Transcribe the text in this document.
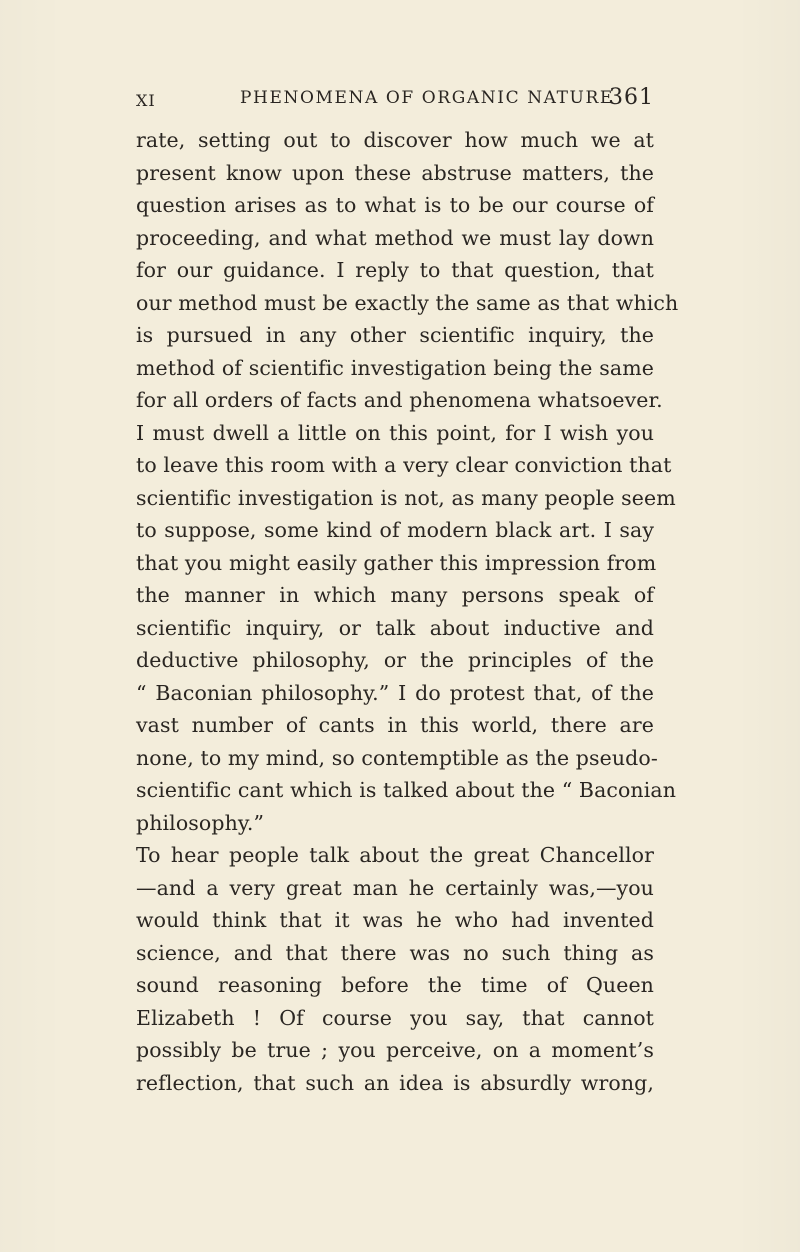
XI	PHENOMENA OF ORGANIC NATURE
361
rate, setting out to discover how much we at
present know upon these abstruse matters, the
question arises as to what is to be our course of
proceeding, and what method we must lay down
for our guidance. I reply to that question, that
our method must be exactly the same as that which
is pursued in any other scientific inquiry, the
method of scientific investigation being the same
for all orders of facts and phenomena whatsoever.
I must dwell a little on this point, for I wish you
to leave this room with a very clear conviction that
scientific investigation is not, as many people seem
to suppose, some kind of modern black art. I say
that you might easily gather this impression from
the manner in which many persons speak of
scientific inquiry, or talk about inductive and
deductive philosophy, or the principles of the
“ Baconian philosophy.” I do protest that, of the
vast number of cants in this world, there are
none, to my mind, so contemptible as the pseudo-
scientific cant which is talked about the “ Baconian
philosophy.”
To hear people talk about the great Chancellor
—and a very great man he certainly was,—you
would think that it was he who had invented
science, and that there was no such thing as
sound reasoning before the time of Queen
Elizabeth ! Of course you say, that cannot
possibly be true ; you perceive, on a moment’s
reflection, that such an idea is absurdly wrong,
